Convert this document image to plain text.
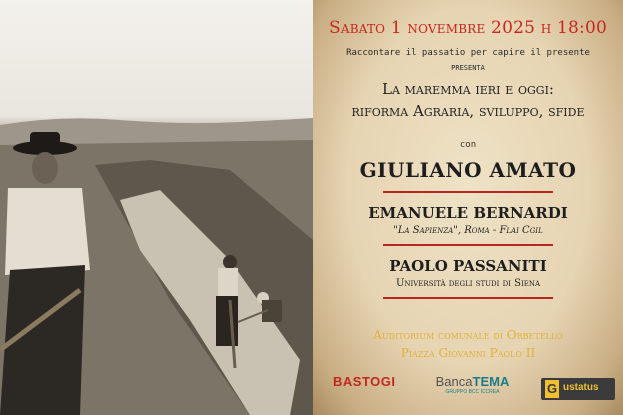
Sabato 1 novembre 2025 h 18:00
Raccontare il passatio per capire il presente
PRESENTA
La maremma ieri e oggi:
riforma Agraria, sviluppo, sfide
con
GIULIANO AMATO
EMANUELE BERNARDI
"La Sapienza", Roma - Flai Cgil
PAOLO PASSANITI
Università degli studi di Siena
Auditorium comunale di Orbetello
Piazza Giovanni Paolo II
BASTOGI
	BancaTEMA
GRUPPO BCC ICCREA	G ustatus
